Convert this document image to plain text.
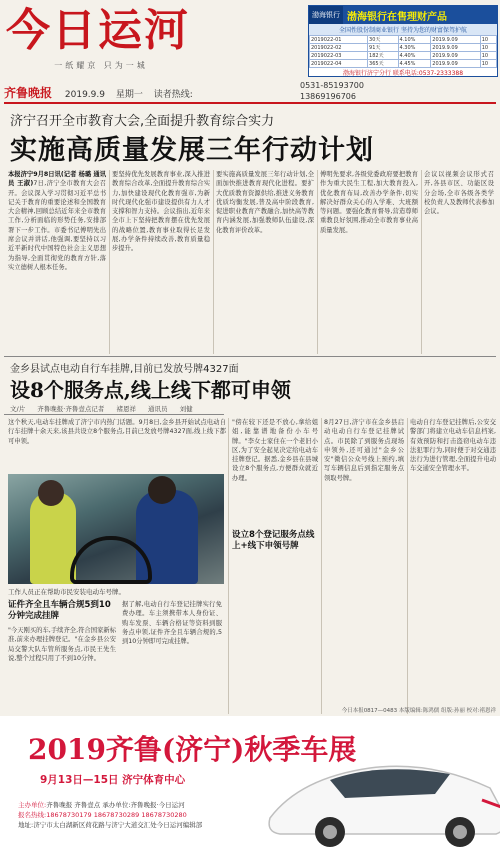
今日运河
一纸耀京 只为一城
齐鲁晚报 2019.9.9 星期一 读者热线:
0531-85193700
13869196706
渤海银行 渤海银行在售理财产品
全国性股份制商业银行 坚持为您的财富保驾护航
2019022-01	30天	4.10%	2019.9.09	10
2019022-02	91天	4.30%	2019.9.09	10
2019022-03	182天	4.40%	2019.9.09	10
2019022-04	365天	4.45%	2019.9.09	10
渤海银行济宁分行 联系电话:0537-2333388
济宁召开全市教育大会,全面提升教育综合实力
实施高质量发展三年行动计划
本报济宁9月8日讯(记者 杨璐 通讯员 王淑)7日,济宁全市教育大会召开。会议深入学习贯彻习近平总书记关于教育的重要论述和全国教育大会精神,回顾总结近年来全市教育工作,分析面临的形势任务,安排部署下一步工作。市委书记傅明先出席会议并讲话,他强调,要坚持以习近平新时代中国特色社会主义思想为指导,全面贯彻党的教育方针,落实立德树人根本任务。
要坚持优先发展教育事业,深入推进教育综合改革,全面提升教育综合实力,加快建设现代化教育强市,为新时代现代化强市建设提供有力人才支撑和智力支持。会议指出,近年来全市上下坚持把教育摆在优先发展的战略位置,教育事业取得长足发展,办学条件持续改善,教育质量稳步提升。
要实施高质量发展三年行动计划,全面加快推进教育现代化进程。要扩大优质教育资源供给,推进义务教育优质均衡发展,普及高中阶段教育,促进职业教育产教融合,加快高等教育内涵发展,加强教师队伍建设,深化教育评价改革。
傅明先要求,各级党委政府要把教育作为重大民生工程,加大教育投入,优化教育布局,改善办学条件,切实解决好群众关心的入学难、大班额等问题。要强化教育督导,营造尊师重教良好氛围,推动全市教育事业高质量发展。
会议以视频会议形式召开,各县市区、功能区设分会场,全市各级各类学校负责人及教师代表参加会议。
金乡县试点电动自行车挂牌,目前已发放号牌4327面
设8个服务点,线上线下都可申领
文/片 齐鲁晚报·齐鲁壹点记者 褚恩祥 通讯员 刘健
这个秋天,电动车挂牌成了济宁市内热门话题。9月8日,金乡县开始试点电动自行车挂牌十余天来,该县共设立8个服务点,目前已发放号牌4327面,线上线下都可申领。
工作人员正在帮助市民安装电动车号牌。
证件齐全且车辆合规5到10分钟完成挂牌
"今天刚买的车,手续齐全,符合国家新标准,前来办理挂牌登记。"在金乡县公安局交警大队车管所服务点,市民王先生说,整个过程只用了不到10分钟。
据了解,电动自行车登记挂牌实行免费办理。车主须携带本人身份证、购车发票、车辆合格证等资料到服务点申领,证件齐全且车辆合规的,5到10分钟即可完成挂牌。
"傍在较下还是不放心,拿给姐姐,能靠谱地备份小车号牌。"李女士家住在一个老旧小区,为了安全起见决定给电动车挂牌登记。据悉,金乡县在县城设立8个服务点,方便群众就近办理。
设立8个登记服务点线上+线下申领号牌
8月27日,济宁市在金乡县启动电动自行车登记挂牌试点。市民除了到服务点现场申领外,还可通过"金乡公安"微信公众号线上预约,填写车辆信息后到指定服务点领取号牌。
电动自行车登记挂牌后,公安交警部门将建立电动车信息档案,有效预防和打击盗窃电动车违法犯罪行为,同时便于对交通违法行为进行管理,全面提升电动车交通安全管理水平。
今日本报0817—0483 本版编辑:陈鸿儒 组版:孙丽 校对:褚恩祥
2019齐鲁(济宁)秋季车展
9月13日—15日 济宁体育中心
主办单位:齐鲁晚报 齐鲁壹点 承办单位:齐鲁晚报·今日运河
报名热线:18678730179 18678730289 18678730280
地址:济宁市太白湖新区荷花路与济宁大道交汇处今日运河编辑部
